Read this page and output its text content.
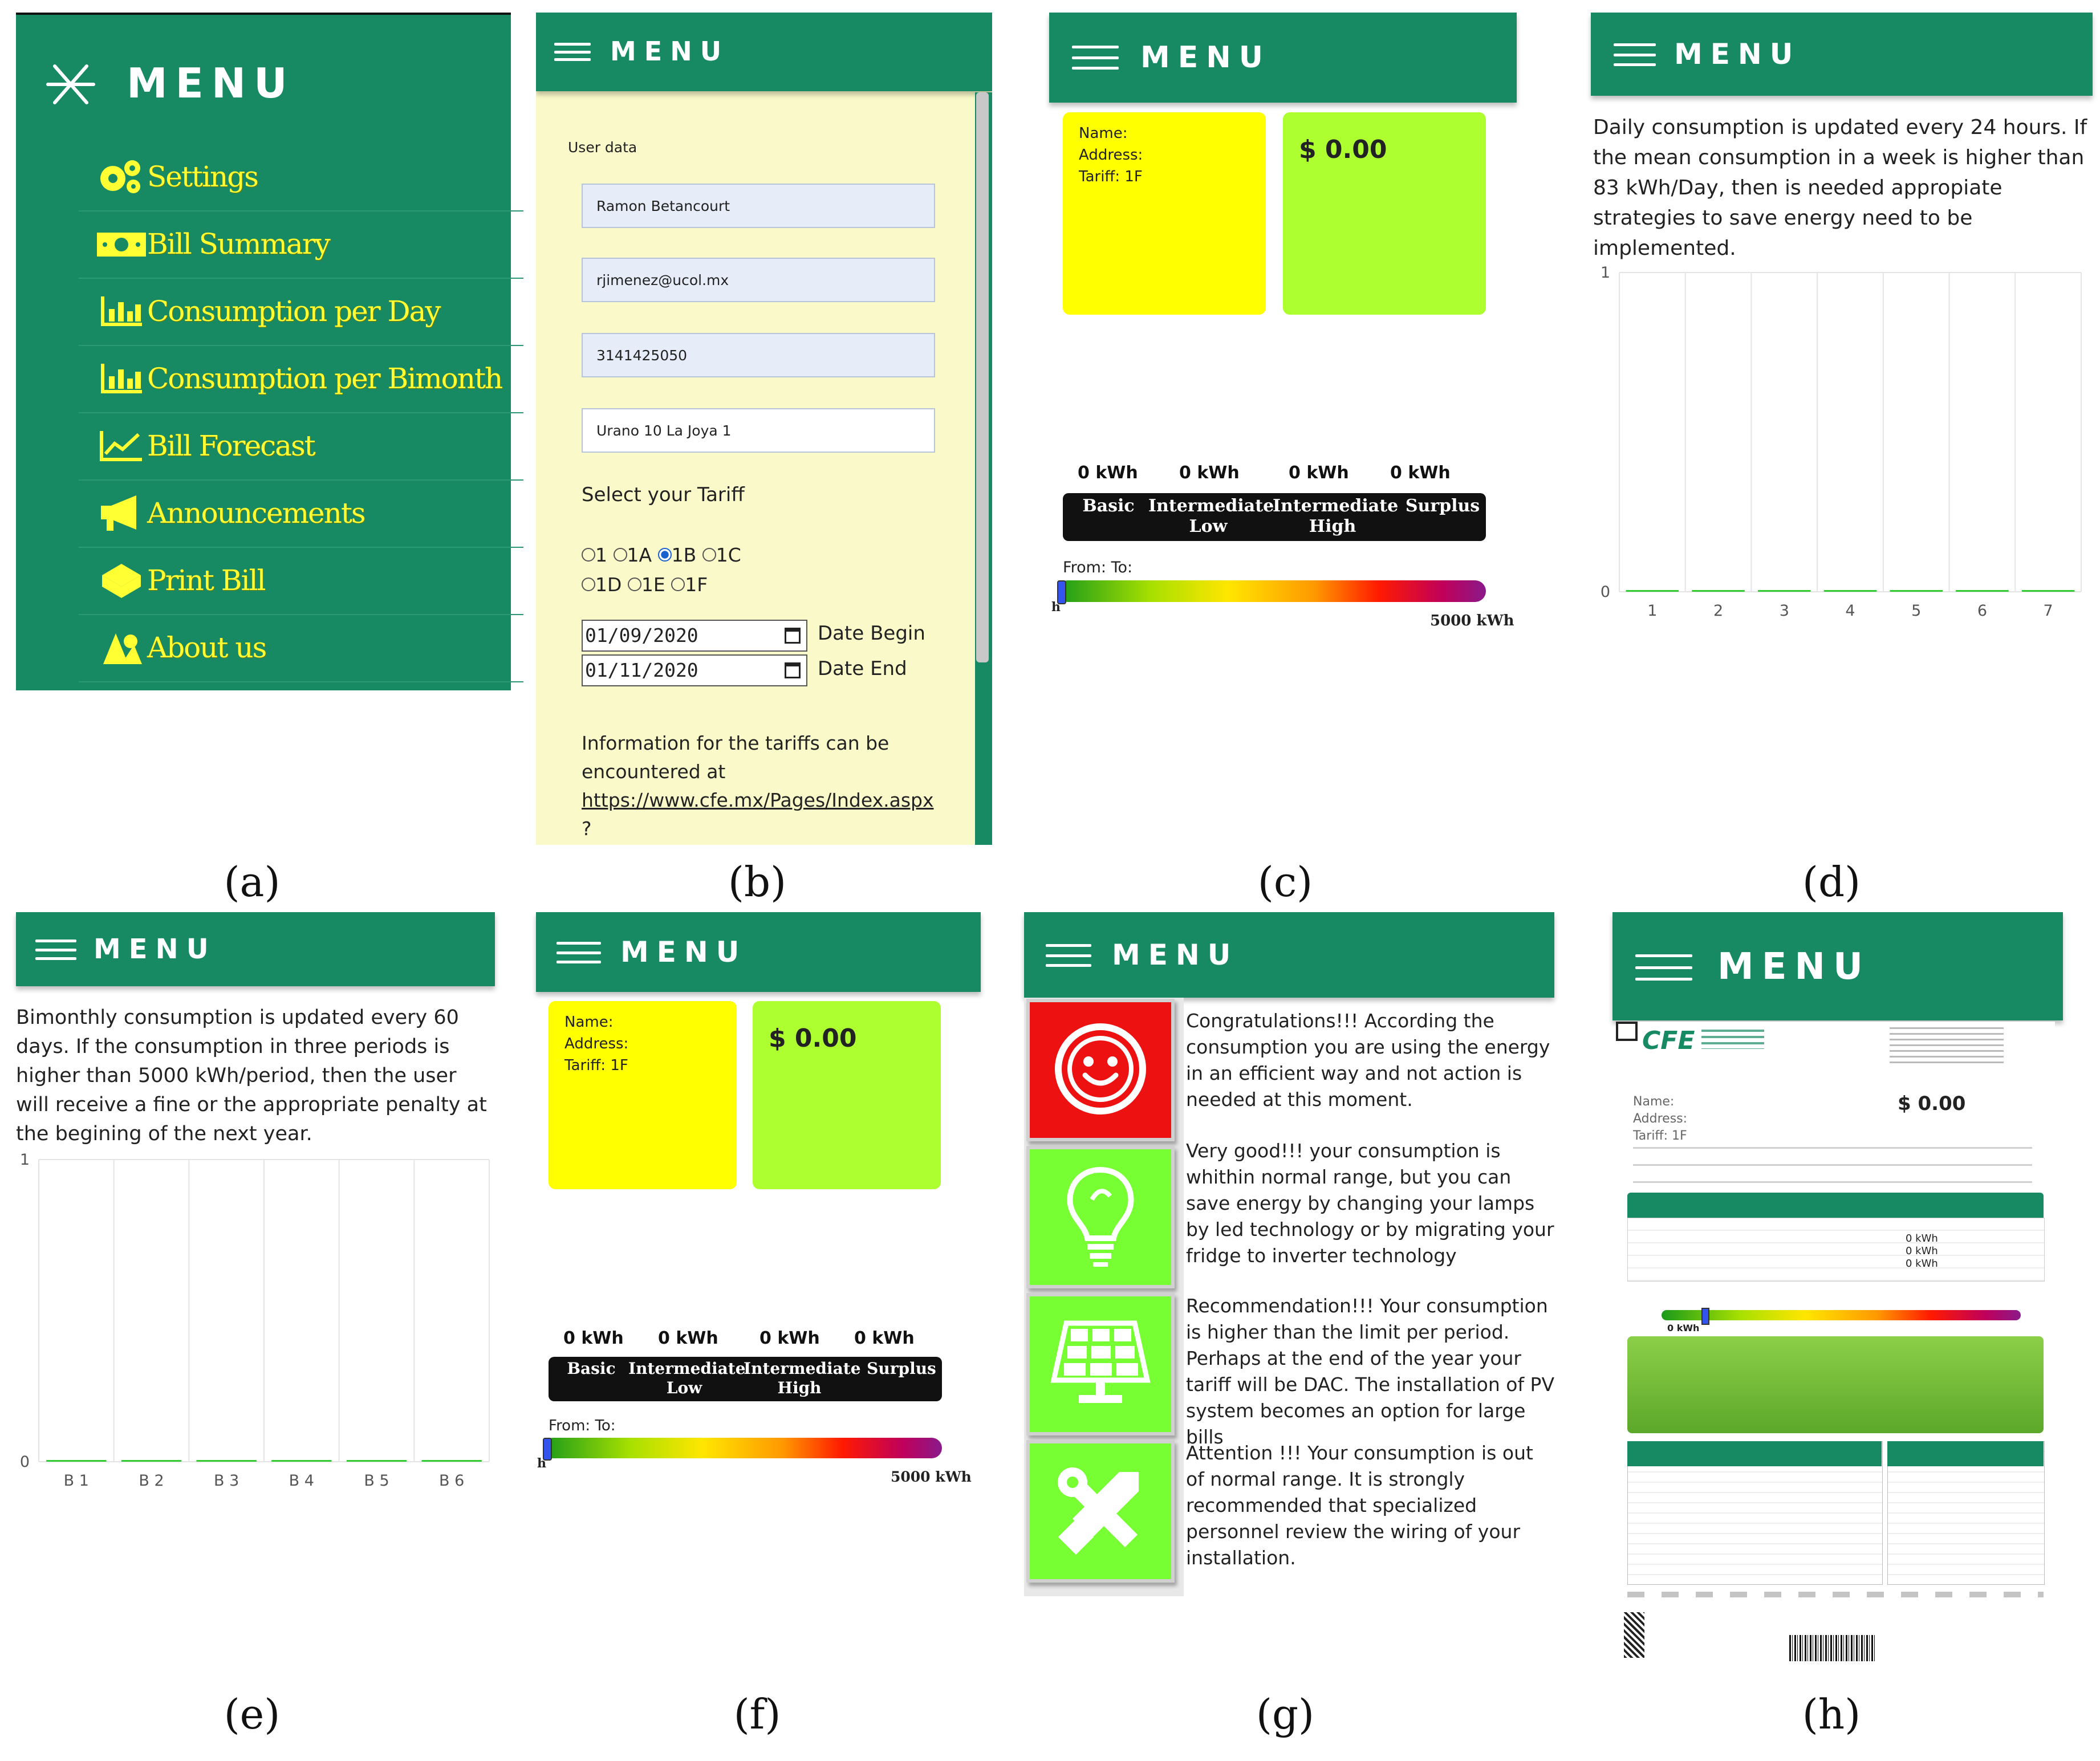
MENU
Settings
Bill Summary
Consumption per Day
Consumption per Bimonth
Bill Forecast
Announcements
Print Bill
About us
(a)
MENU
User data
Ramon Betancourt
rjimenez@ucol.mx
3141425050
Urano 10 La Joya 1
Select your Tariff
1 1A 1B 1C
1D 1E 1F
01/09/2020	Date Begin
01/11/2020	Date End
Information for the tariffs can be
encountered at
https://www.cfe.mx/Pages/Index.aspx
?
(b)
MENU
Name:
Address:
Tariff: 1F
$ 0.00
0 kWh 0 kWh	0 kWh 0 kWh
Basic Intermediate
Low
Intermediate
High
Surplus
From: To:
h
5000 kWh
(c)
MENU
Daily consumption is updated every 24 hours. If the mean consumption in a week is higher than 83 kWh/Day, then is needed appropiate strategies to save energy need to be implemented.
0
1
1	2	3	4	5	6	7
(d)
MENU
Bimonthly consumption is updated every 60 days. If the consumption in three periods is higher than 5000 kWh/period, then the user will receive a fine or the appropriate penalty at the begining of the next year.
0
1
B 1	B 2	B 3	B 4	B 5	B 6
(e)
MENU
Name:
Address:
Tariff: 1F
$ 0.00
0 kWh 0 kWh 0 kWh 0 kWh
Basic Intermediate
Low
Intermediate
High
Surplus
From: To:
h
5000 kWh
(f)
MENU
Congratulations!!! According the consumption you are using the energy in an efficient way and not action is needed at this moment.
Very good!!! your consumption is whithin normal range, but you can save energy by changing your lamps by led technology or by migrating your fridge to inverter technology
Recommendation!!! Your consumption is higher than the limit per period. Perhaps at the end of the year your tariff will be DAC. The installation of PV system becomes an option for large bills
Attention !!! Your consumption is out of normal range. It is strongly recommended that specialized personnel review the wiring of your installation.
(g)
MENU
CFE
Name:
Address:
Tariff: 1F
$ 0.00
0 kWh
0 kWh
0 kWh
0 kWh
(h)
